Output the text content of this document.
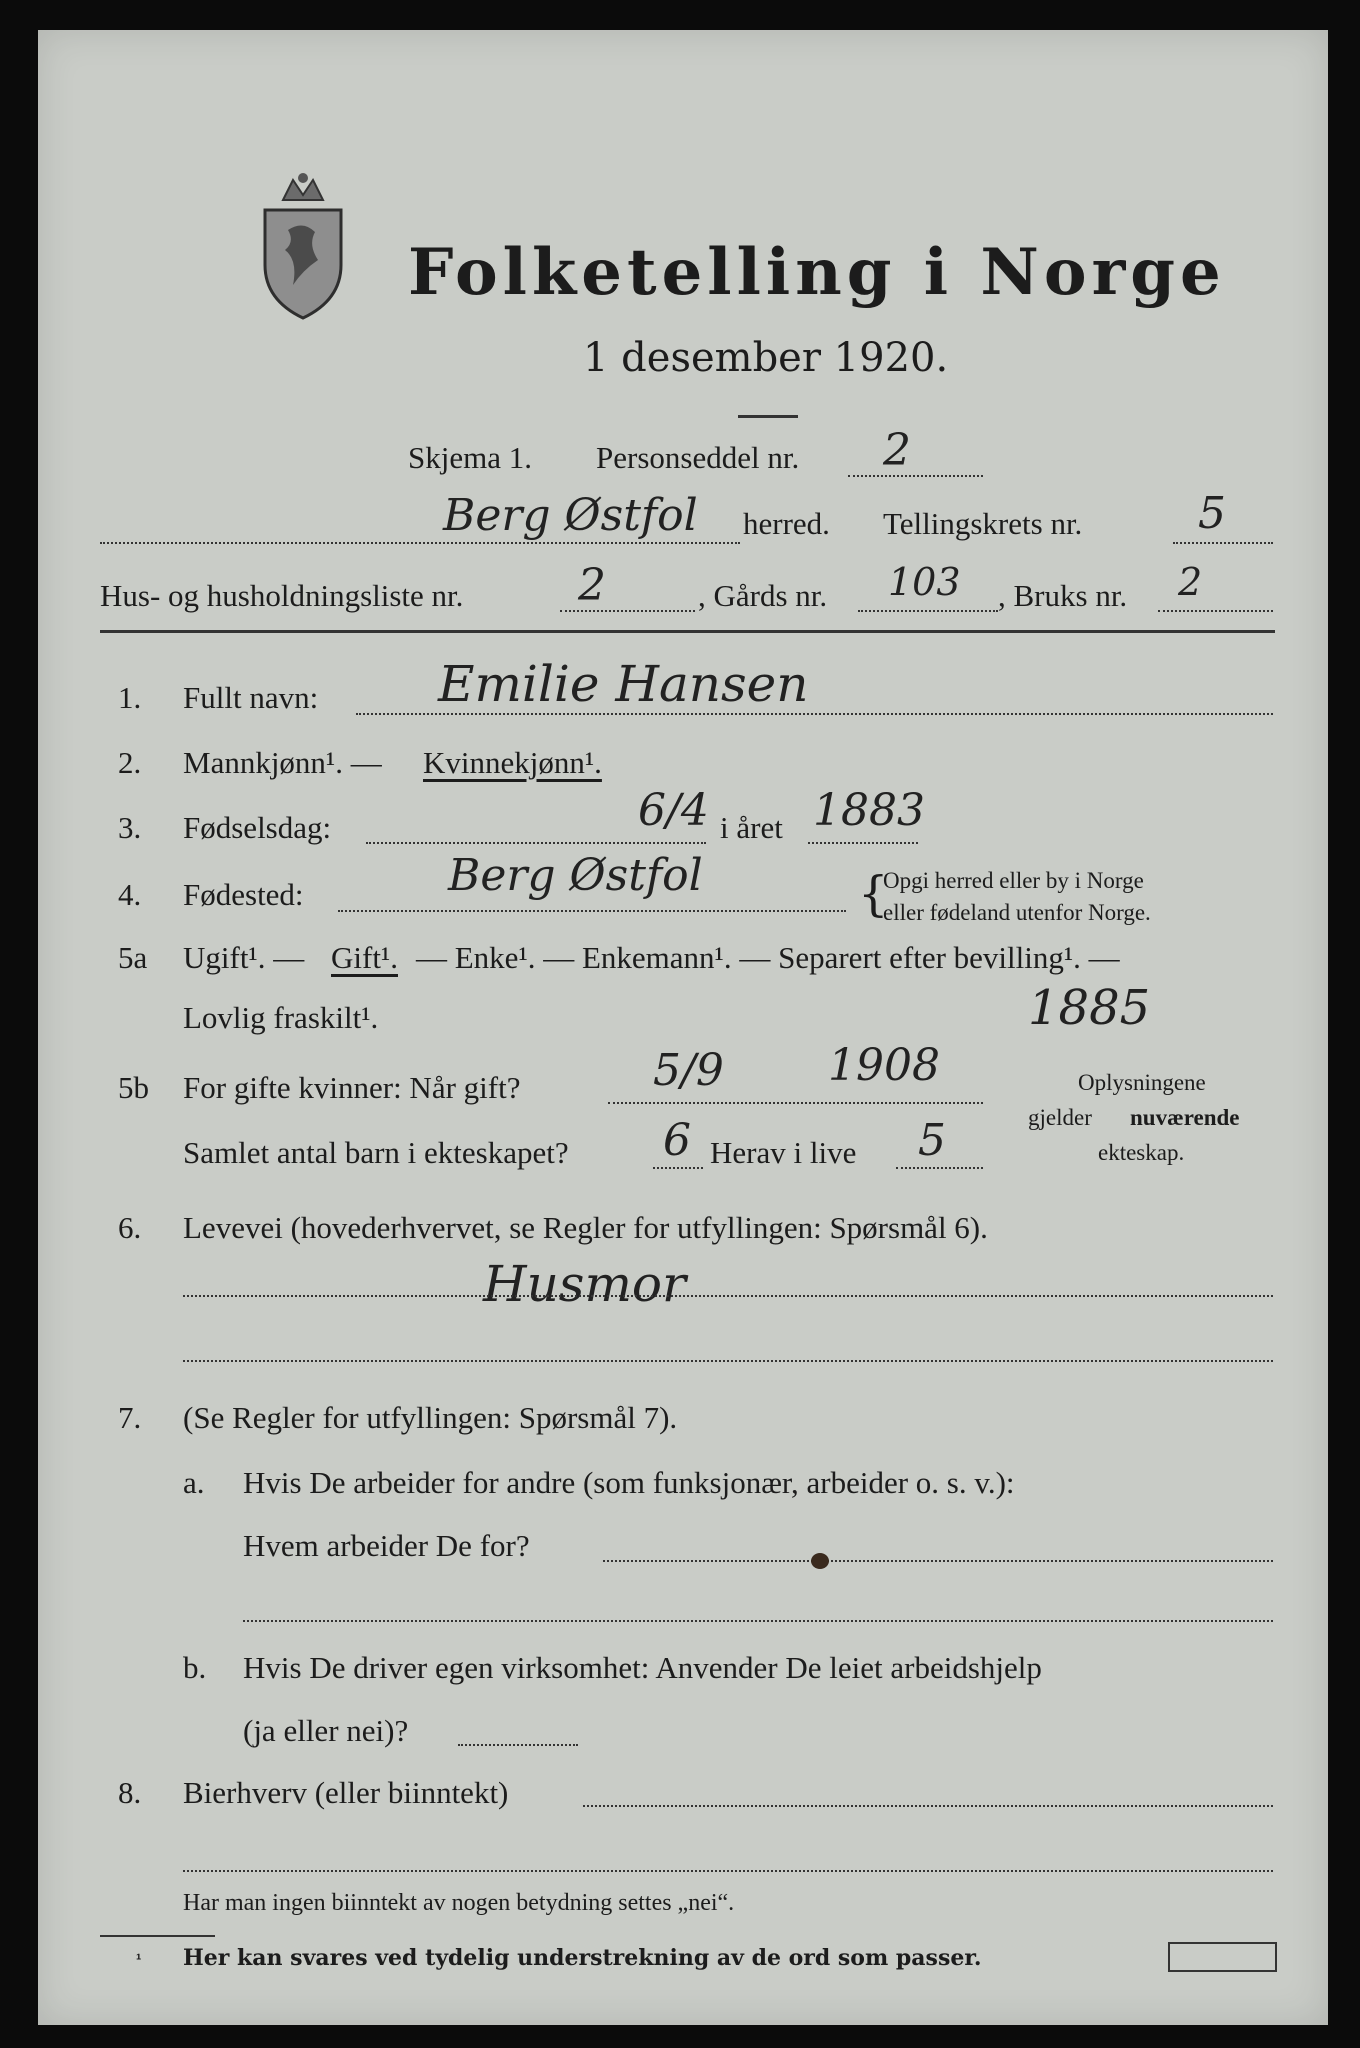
Folketelling i Norge
1 desember 1920.
Skjema 1. Personseddel nr. 2
Berg Østfol herred. Tellingskrets nr.	5
Hus- og husholdningsliste nr.	2	, Gårds nr. 103 , Bruks nr. 2
1. Fullt navn: Emilie Hansen
2. Mannkjønn¹. — Kvinnekjønn¹.
3. Fødselsdag:	6/4 i året 1883
4. Fødested:	Berg Østfol	{
Opgi herred eller by i Norge
eller fødeland utenfor Norge.
5a Ugift¹. — Gift¹. — Enke¹. — Enkemann¹. — Separert efter bevilling¹. —
Lovlig fraskilt¹.	1885
5b For gifte kvinner: Når gift?	5/9 1908
Samlet antal barn i ekteskapet? 6 Herav i live 5
Oplysningene
gjelder nuværende
ekteskap.
6. Levevei (hovederhvervet, se Regler for utfyllingen: Spørsmål 6).
Husmor
7. (Se Regler for utfyllingen: Spørsmål 7).
a. Hvis De arbeider for andre (som funksjonær, arbeider o. s. v.):
Hvem arbeider De for?
b. Hvis De driver egen virksomhet: Anvender De leiet arbeidshjelp
(ja eller nei)?
8. Bierhverv (eller biinntekt)
Har man ingen biinntekt av nogen betydning settes „nei“.
¹ Her kan svares ved tydelig understrekning av de ord som passer.
